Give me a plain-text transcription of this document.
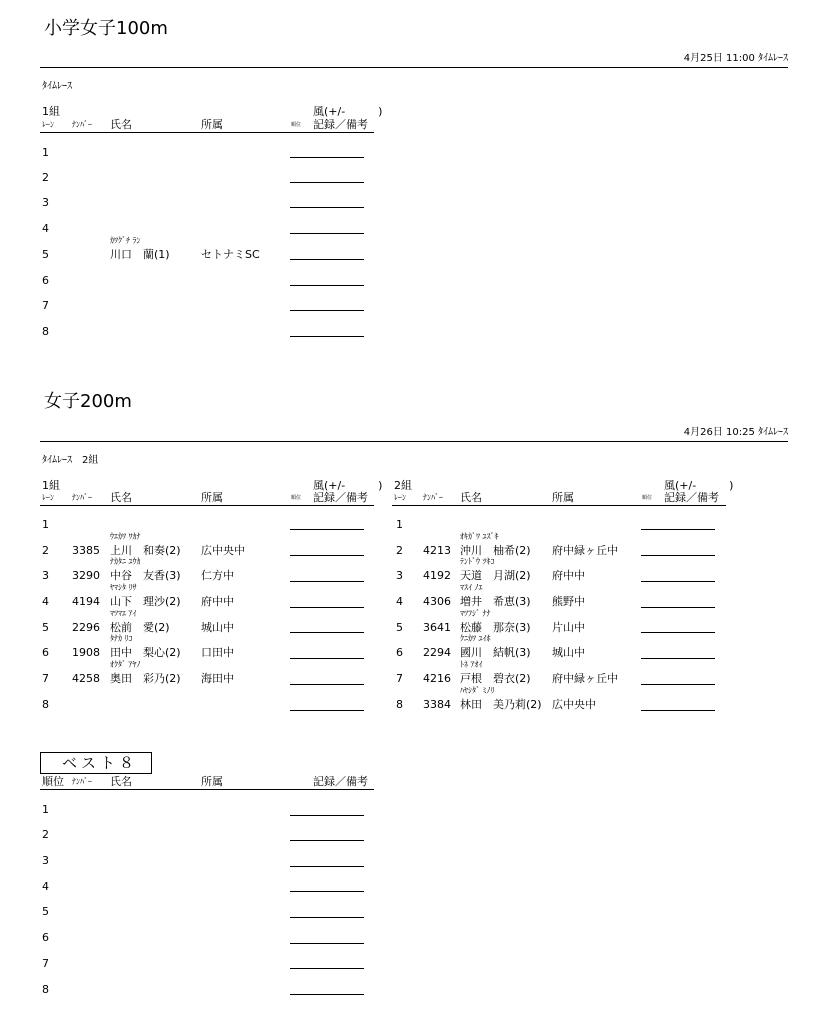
小学女子100m
4月25日 11:00 ﾀｲﾑﾚｰｽ
ﾀｲﾑﾚｰｽ
1組	風(+/-　　　)
ﾚｰﾝ ﾅﾝﾊﾞｰ 氏名	所属	順位 記録／備考
1
2
3
4
ｶﾜｸﾞﾁ ﾗﾝ
5	川口　蘭(1)	セトナミSC
6
7
8
女子200m
4月26日 10:25 ﾀｲﾑﾚｰｽ
ﾀｲﾑﾚｰｽ　2組
1組	風(+/-　　　)
ﾚｰﾝ ﾅﾝﾊﾞｰ 氏名	所属	順位 記録／備考
1
ｳｴｶﾜ ﾜｶﾅ
2 3385 上川　和奏(2) 広中央中
ﾅｶﾀﾆ ﾕｳｶ
3 3290 中谷　友香(3) 仁方中
ﾔﾏｼﾀ ﾘｻ
4 4194 山下　理沙(2) 府中中
ﾏﾂﾏｴ ｱｲ
5 2296 松前　愛(2)	城山中
ﾀﾅｶ ﾘｺ
6 1908 田中　梨心(2) 口田中
ｵｸﾀﾞ ｱﾔﾉ
7 4258 奥田　彩乃(2) 海田中
8
2組	風(+/-　　　)
ﾚｰﾝ ﾅﾝﾊﾞｰ 氏名	所属	順位 記録／備考
1
ｵｷｶﾞﾜ ﾕｽﾞｷ
2 4213 沖川　柚希(2) 府中緑ヶ丘中
ﾃﾝﾄﾞｳ ﾂｷｺ
3 4192 天道　月湖(2) 府中中
ﾏｽｲ ﾉｴ
4 4306 増井　希恵(3) 熊野中
ﾏﾂﾌｼﾞ ﾅﾅ
5 3641 松藤　那奈(3) 片山中
ｸﾆｶﾜ ﾕｲﾎ
6 2294 國川　結帆(3) 城山中
ﾄﾈ ｱｵｲ
7 4216 戸根　碧衣(2) 府中緑ヶ丘中
ﾊﾔｼﾀﾞ ﾐﾉﾘ
8 3384 林田　美乃莉(2) 広中央中
ベスト８
順位 ﾅﾝﾊﾞｰ 氏名	所属	記録／備考
1
2
3
4
5
6
7
8
